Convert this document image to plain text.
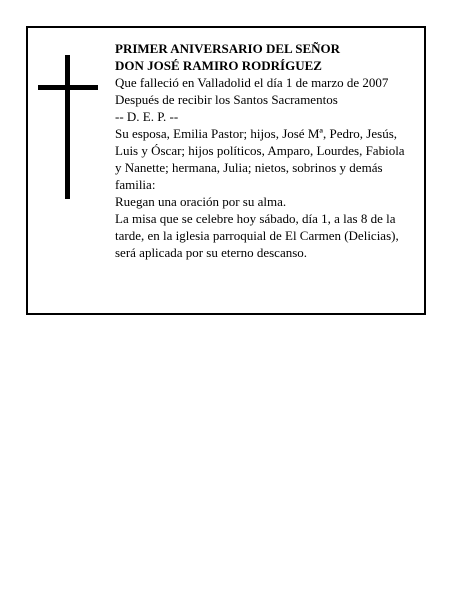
PRIMER ANIVERSARIO DEL SEÑOR
DON JOSÉ RAMIRO RODRÍGUEZ
Que falleció en Valladolid el día 1 de marzo de 2007
Después de recibir los Santos Sacramentos
-- D. E. P. --
Su esposa, Emilia Pastor; hijos, José Mª, Pedro, Jesús,
Luis y Óscar; hijos políticos, Amparo, Lourdes, Fabiola
y Nanette; hermana, Julia; nietos, sobrinos y demás
familia:
Ruegan una oración por su alma.
La misa que se celebre hoy sábado, día 1, a las 8 de la
tarde, en la iglesia parroquial de El Carmen (Delicias),
será aplicada por su eterno descanso.
